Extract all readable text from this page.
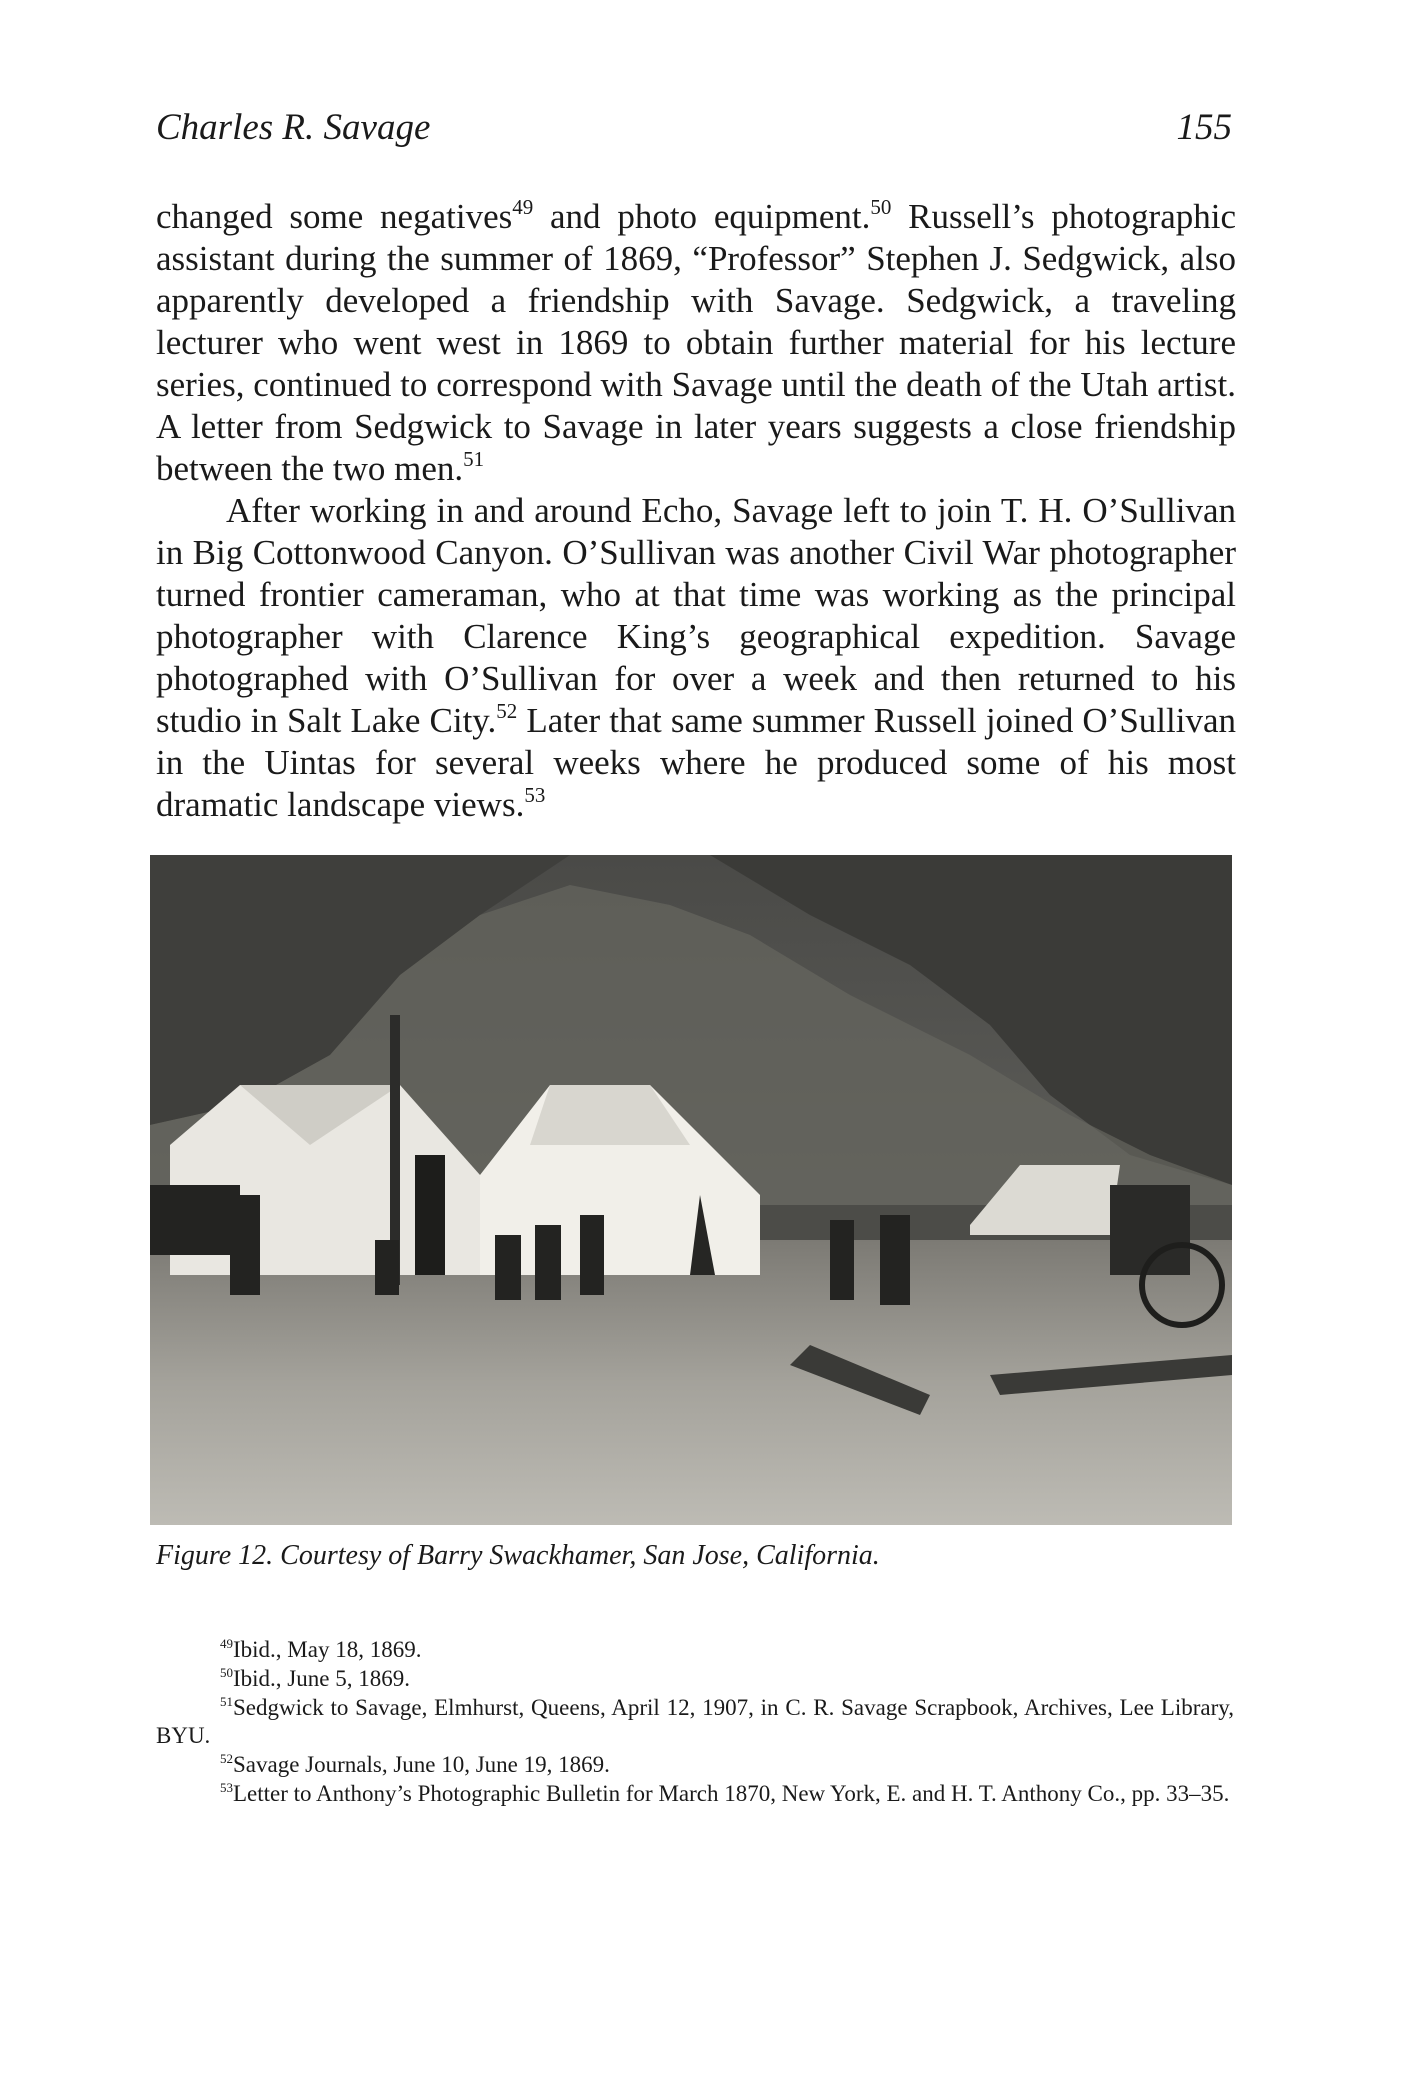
Charles R. Savage	155

changed some negatives$^{49}$ and photo equipment.$^{50}$ Russell’s photographic assistant during the summer of 1869, “Professor” Stephen J. Sedgwick, also apparently developed a friendship with Savage. Sedgwick, a traveling lecturer who went west in 1869 to obtain further material for his lecture series, continued to correspond with Savage until the death of the Utah artist. A letter from Sedgwick to Savage in later years suggests a close friendship between the two men.$^{51}$

After working in and around Echo, Savage left to join T. H. O’Sullivan in Big Cottonwood Canyon. O’Sullivan was another Civil War photographer turned frontier cameraman, who at that time was working as the principal photographer with Clarence King’s geographical expedition. Savage photographed with O’Sullivan for over a week and then returned to his studio in Salt Lake City.$^{52}$ Later that same summer Russell joined O’Sullivan in the Uintas for several weeks where he produced some of his most dramatic landscape views.$^{53}$

Figure 12. Courtesy of Barry Swackhamer, San Jose, California.

$^{49}$Ibid., May 18, 1869.

$^{50}$Ibid., June 5, 1869.

$^{51}$Sedgwick to Savage, Elmhurst, Queens, April 12, 1907, in C. R. Savage Scrapbook, Archives, Lee Library, BYU.

$^{52}$Savage Journals, June 10, June 19, 1869.

$^{53}$Letter to Anthony’s Photographic Bulletin for March 1870, New York, E. and H. T. Anthony Co., pp. 33–35.
